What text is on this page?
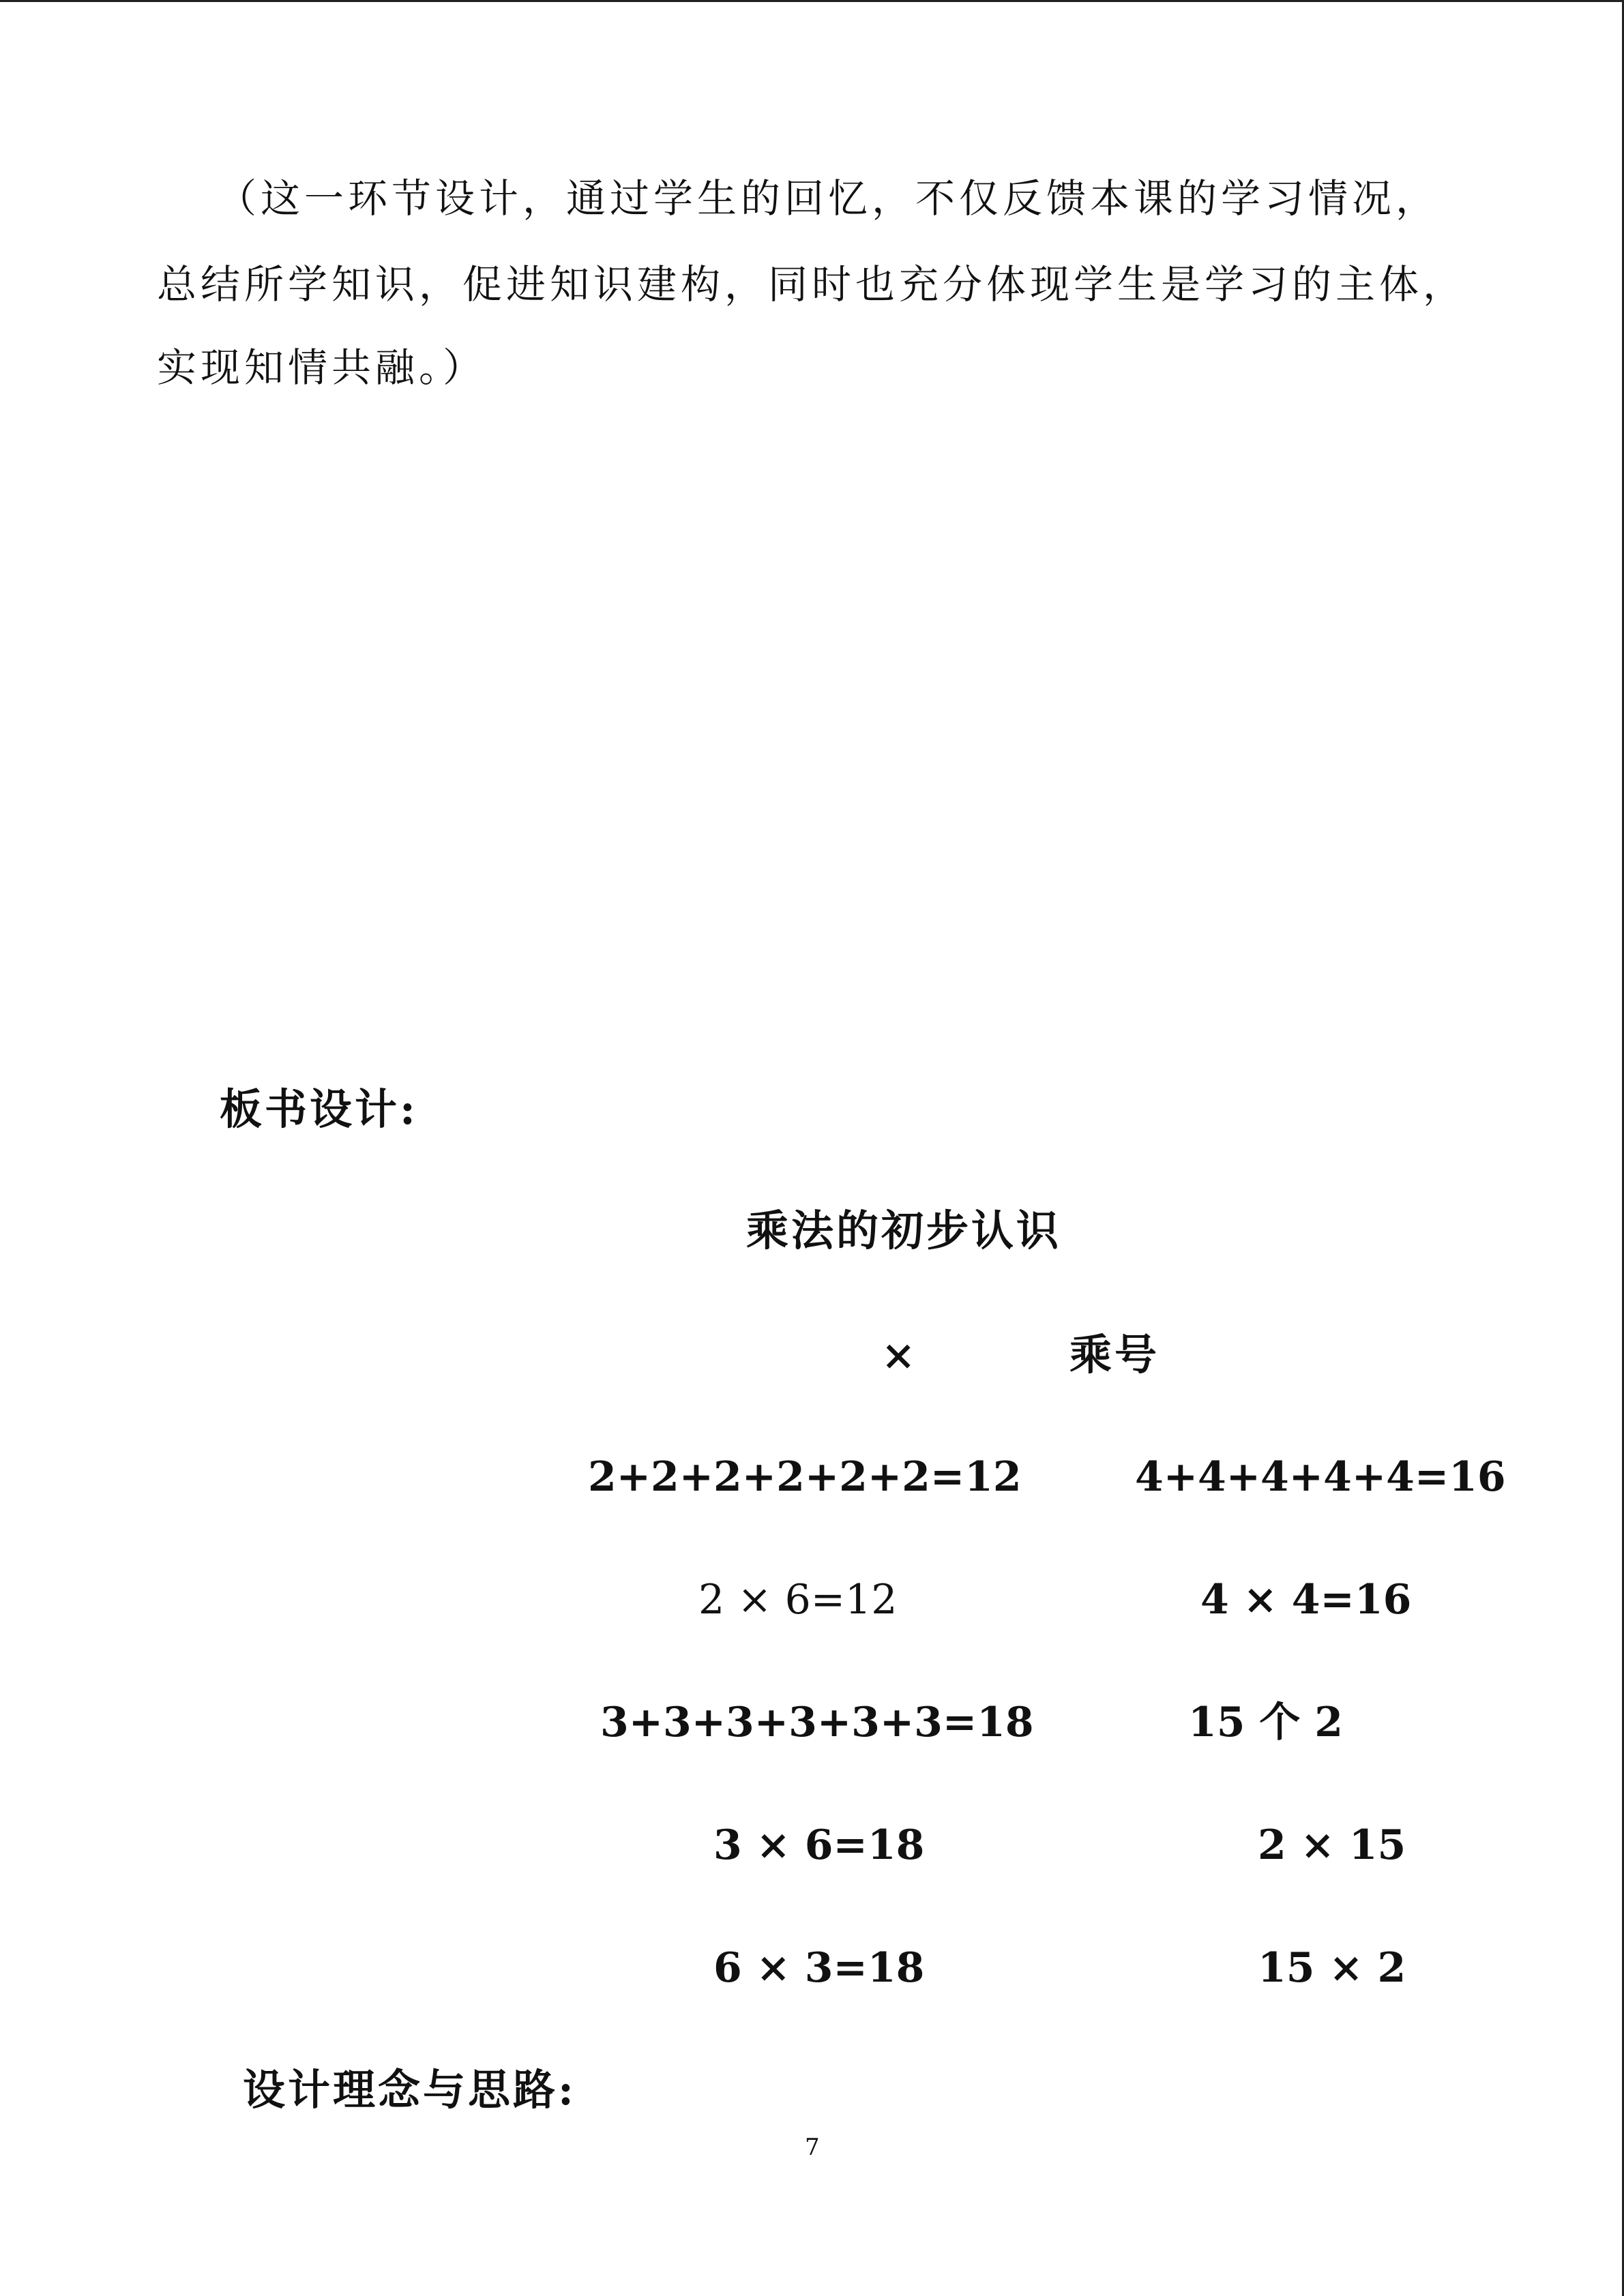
（这一环节设计，通过学生的回忆，不仅反馈本课的学习情况，
总结所学知识，促进知识建构，同时也充分体现学生是学习的主体，
实现知情共融。）
板书设计:
乘法的初步认识
×	乘号
2+2+2+2+2+2=12
2 × 6=12
3+3+3+3+3+3=18
3 × 6=18
6 × 3=18
4+4+4+4+4=16
4 × 4=16
15 个 2
2 × 15
15 × 2
设计理念与思路:
7
